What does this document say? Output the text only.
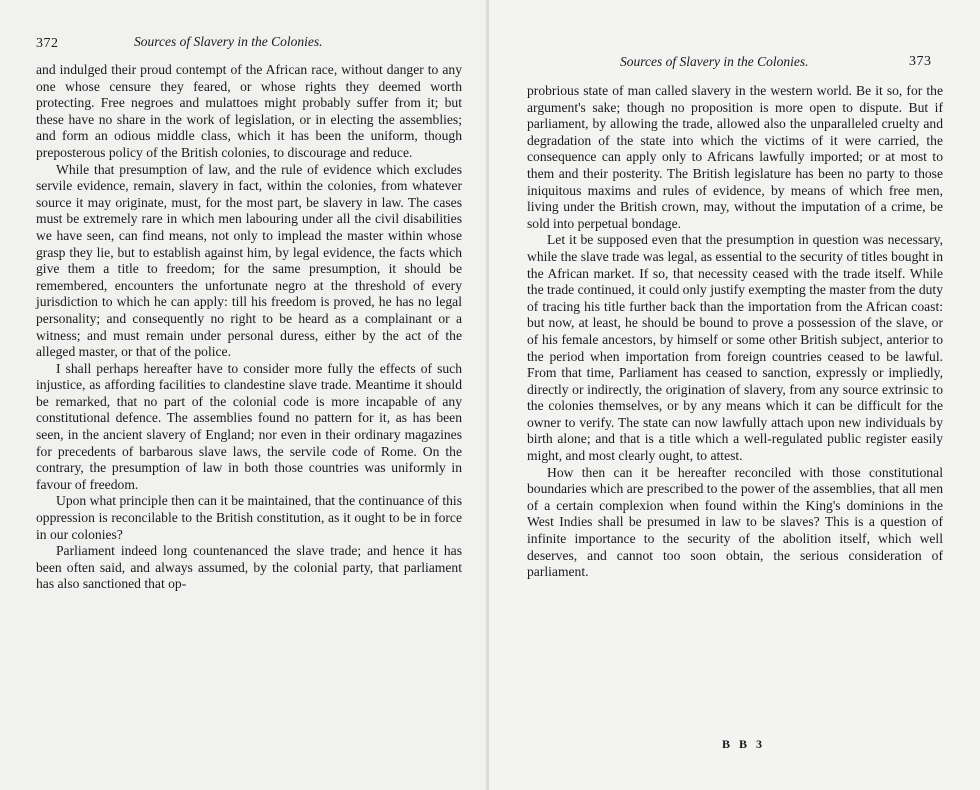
372	Sources of Slavery in the Colonies.

and indulged their proud contempt of the African race, without danger to any one whose censure they feared, or whose rights they deemed worth protecting. Free negroes and mulattoes might probably suffer from it; but these have no share in the work of legislation, or in electing the assemblies; and form an odious middle class, which it has been the uniform, though preposterous policy of the British colonies, to discourage and reduce.

While that presumption of law, and the rule of evidence which excludes servile evidence, remain, slavery in fact, within the colonies, from whatever source it may originate, must, for the most part, be slavery in law. The cases must be extremely rare in which men labouring under all the civil disabilities we have seen, can find means, not only to implead the master within whose grasp they lie, but to establish against him, by legal evidence, the facts which give them a title to freedom; for the same presumption, it should be remembered, encounters the unfortunate negro at the threshold of every jurisdiction to which he can apply: till his freedom is proved, he has no legal personality; and consequently no right to be heard as a complainant or a witness; and must remain under personal duress, either by the act of the alleged master, or that of the police.

I shall perhaps hereafter have to consider more fully the effects of such injustice, as affording facilities to clandestine slave trade. Meantime it should be remarked, that no part of the colonial code is more incapable of any constitutional defence. The assemblies found no pattern for it, as has been seen, in the ancient slavery of England; nor even in their ordinary magazines for precedents of barbarous slave laws, the servile code of Rome. On the contrary, the presumption of law in both those countries was uniformly in favour of freedom.

Upon what principle then can it be maintained, that the continuance of this oppression is reconcilable to the British constitution, as it ought to be in force in our colonies?

Parliament indeed long countenanced the slave trade; and hence it has been often said, and always assumed, by the colonial party, that parliament has also sanctioned that op-

Sources of Slavery in the Colonies.	373

probrious state of man called slavery in the western world. Be it so, for the argument's sake; though no proposition is more open to dispute. But if parliament, by allowing the trade, allowed also the unparalleled cruelty and degradation of the state into which the victims of it were carried, the consequence can apply only to Africans lawfully imported; or at most to them and their posterity. The British legislature has been no party to those iniquitous maxims and rules of evidence, by means of which free men, living under the British crown, may, without the imputation of a crime, be sold into perpetual bondage.

Let it be supposed even that the presumption in question was necessary, while the slave trade was legal, as essential to the security of titles bought in the African market. If so, that necessity ceased with the trade itself. While the trade continued, it could only justify exempting the master from the duty of tracing his title further back than the importation from the African coast: but now, at least, he should be bound to prove a possession of the slave, or of his female ancestors, by himself or some other British subject, anterior to the period when importation from foreign countries ceased to be lawful. From that time, Parliament has ceased to sanction, expressly or impliedly, directly or indirectly, the origination of slavery, from any source extrinsic to the colonies themselves, or by any means which it can be difficult for the owner to verify. The state can now lawfully attach upon new individuals by birth alone; and that is a title which a well-regulated public register easily might, and most clearly ought, to attest.

How then can it be hereafter reconciled with those constitutional boundaries which are prescribed to the power of the assemblies, that all men of a certain complexion when found within the King's dominions in the West Indies shall be presumed in law to be slaves? This is a question of infinite importance to the security of the abolition itself, which well deserves, and cannot too soon obtain, the serious consideration of parliament.

B B 3
